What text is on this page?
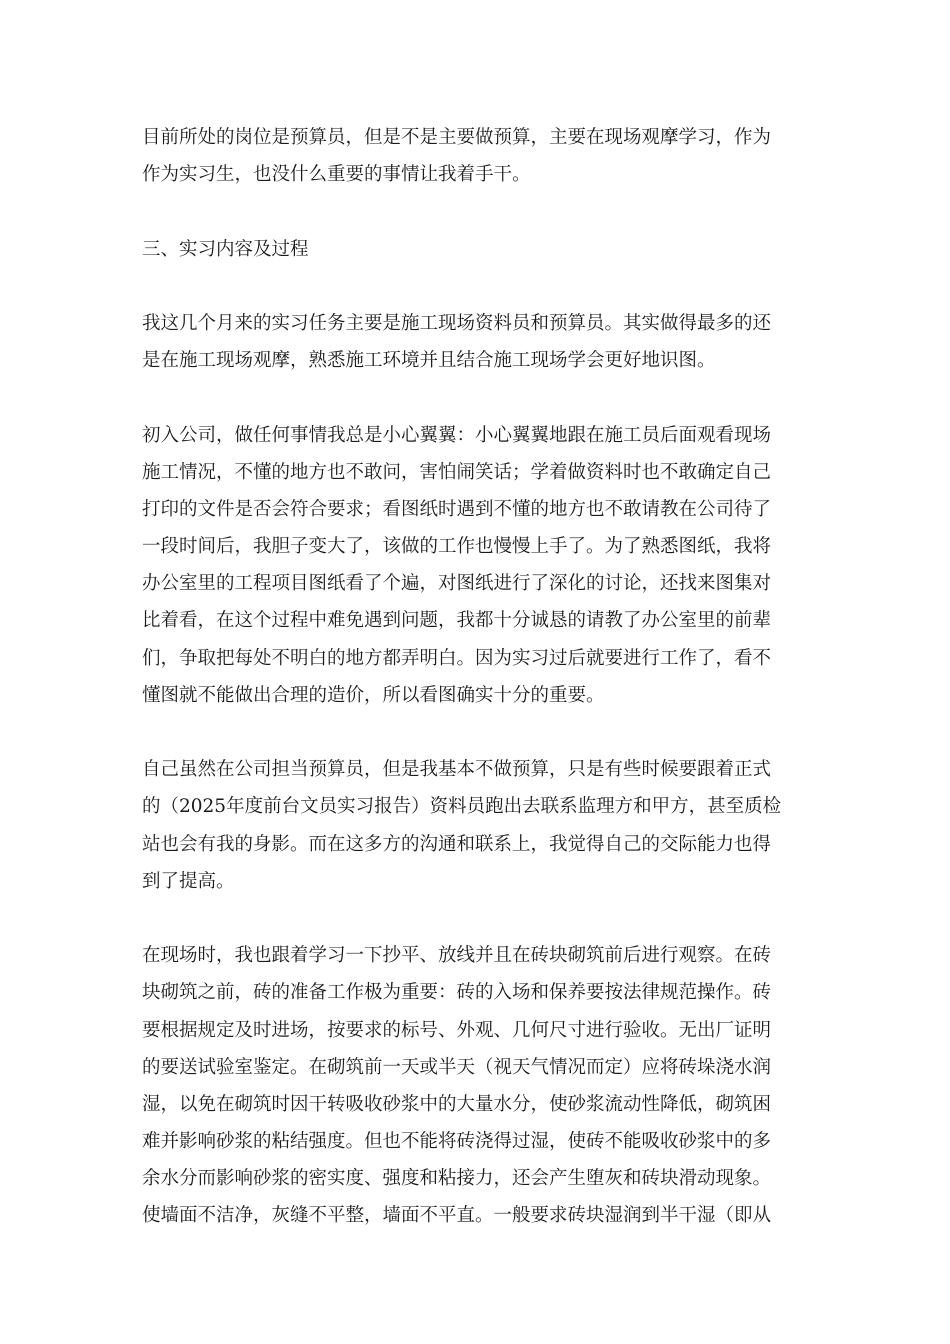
目前所处的岗位是预算员，但是不是主要做预算，主要在现场观摩学习，作为
作为实习生，也没什么重要的事情让我着手干。
三、实习内容及过程
我这几个月来的实习任务主要是施工现场资料员和预算员。其实做得最多的还
是在施工现场观摩，熟悉施工环境并且结合施工现场学会更好地识图。
初入公司，做任何事情我总是小心翼翼：小心翼翼地跟在施工员后面观看现场
施工情况，不懂的地方也不敢问，害怕闹笑话；学着做资料时也不敢确定自己
打印的文件是否会符合要求；看图纸时遇到不懂的地方也不敢请教在公司待了
一段时间后，我胆子变大了，该做的工作也慢慢上手了。为了熟悉图纸，我将
办公室里的工程项目图纸看了个遍，对图纸进行了深化的讨论，还找来图集对
比着看，在这个过程中难免遇到问题，我都十分诚恳的请教了办公室里的前辈
们，争取把每处不明白的地方都弄明白。因为实习过后就要进行工作了，看不
懂图就不能做出合理的造价，所以看图确实十分的重要。
自己虽然在公司担当预算员，但是我基本不做预算，只是有些时候要跟着正式
的（2025年度前台文员实习报告）资料员跑出去联系监理方和甲方，甚至质检
站也会有我的身影。而在这多方的沟通和联系上，我觉得自己的交际能力也得
到了提高。
在现场时，我也跟着学习一下抄平、放线并且在砖块砌筑前后进行观察。在砖
块砌筑之前，砖的准备工作极为重要：砖的入场和保养要按法律规范操作。砖
要根据规定及时进场，按要求的标号、外观、几何尺寸进行验收。无出厂证明
的要送试验室鉴定。在砌筑前一天或半天（视天气情况而定）应将砖垛浇水润
湿，以免在砌筑时因干转吸收砂浆中的大量水分，使砂浆流动性降低，砌筑困
难并影响砂浆的粘结强度。但也不能将砖浇得过湿，使砖不能吸收砂浆中的多
余水分而影响砂浆的密实度、强度和粘接力，还会产生堕灰和砖块滑动现象。
使墙面不洁净，灰缝不平整，墙面不平直。一般要求砖块湿润到半干湿（即从
